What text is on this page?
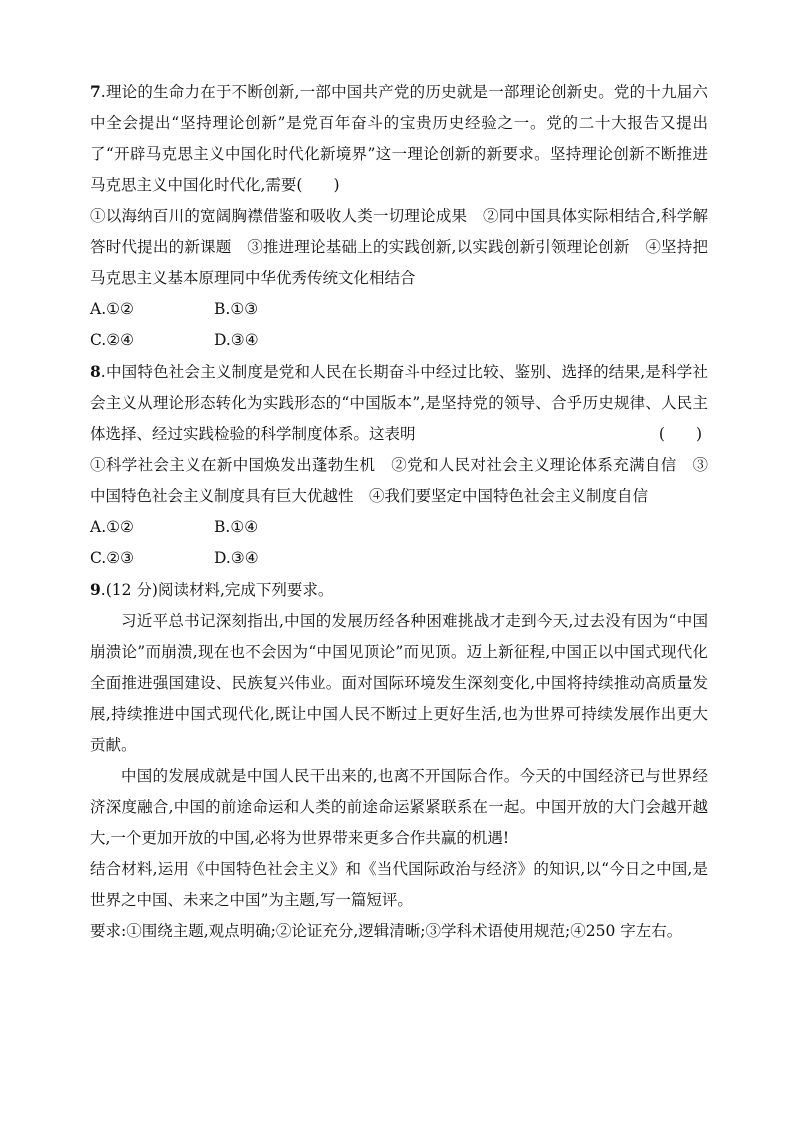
7.理论的生命力在于不断创新,一部中国共产党的历史就是一部理论创新史。党的十九届六中全会提出“坚持理论创新”是党百年奋斗的宝贵历史经验之一。党的二十大报告又提出了“开辟马克思主义中国化时代化新境界”这一理论创新的新要求。坚持理论创新不断推进马克思主义中国化时代化,需要(　　)

①以海纳百川的宽阔胸襟借鉴和吸收人类一切理论成果　②同中国具体实际相结合,科学解答时代提出的新课题　③推进理论基础上的实践创新,以实践创新引领理论创新　④坚持把马克思主义基本原理同中华优秀传统文化相结合

A.①②	B.①③

C.②④	D.③④

8.中国特色社会主义制度是党和人民在长期奋斗中经过比较、鉴别、选择的结果,是科学社会主义从理论形态转化为实践形态的“中国版本”,是坚持党的领导、合乎历史规律、人民主体选择、经过实践检验的科学制度体系。这表明	(　　)

①科学社会主义在新中国焕发出蓬勃生机　②党和人民对社会主义理论体系充满自信　③中国特色社会主义制度具有巨大优越性　④我们要坚定中国特色社会主义制度自信

A.①②	B.①④

C.②③	D.③④

9.(12 分)阅读材料,完成下列要求。

习近平总书记深刻指出,中国的发展历经各种困难挑战才走到今天,过去没有因为“中国崩溃论”而崩溃,现在也不会因为“中国见顶论”而见顶。迈上新征程,中国正以中国式现代化全面推进强国建设、民族复兴伟业。面对国际环境发生深刻变化,中国将持续推动高质量发展,持续推进中国式现代化,既让中国人民不断过上更好生活,也为世界可持续发展作出更大贡献。

中国的发展成就是中国人民干出来的,也离不开国际合作。今天的中国经济已与世界经济深度融合,中国的前途命运和人类的前途命运紧紧联系在一起。中国开放的大门会越开越大,一个更加开放的中国,必将为世界带来更多合作共赢的机遇!

结合材料,运用《中国特色社会主义》和《当代国际政治与经济》的知识,以“今日之中国,是世界之中国、未来之中国”为主题,写一篇短评。

要求:①围绕主题,观点明确;②论证充分,逻辑清晰;③学科术语使用规范;④250 字左右。
